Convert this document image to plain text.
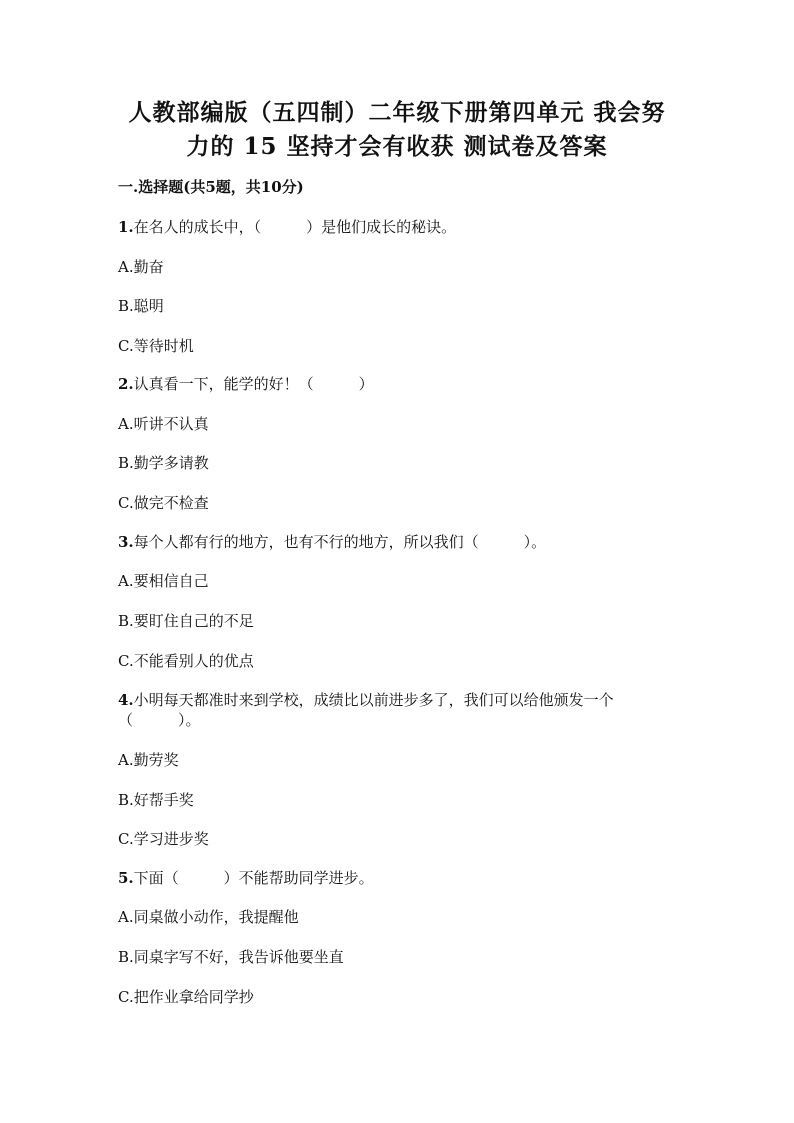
人教部编版（五四制）二年级下册第四单元 我会努
力的 15 坚持才会有收获 测试卷及答案
一.选择题(共5题，共10分)
1.在名人的成长中，（　　　）是他们成长的秘诀。
A.勤奋
B.聪明
C.等待时机
2.认真看一下，能学的好！（　　　）
A.听讲不认真
B.勤学多请教
C.做完不检查
3.每个人都有行的地方，也有不行的地方，所以我们（　　　）。
A.要相信自己
B.要盯住自己的不足
C.不能看别人的优点
4.小明每天都准时来到学校，成绩比以前进步多了，我们可以给他颁发一个
（　　　）。
A.勤劳奖
B.好帮手奖
C.学习进步奖
5.下面（　　　）不能帮助同学进步。
A.同桌做小动作，我提醒他
B.同桌字写不好，我告诉他要坐直
C.把作业拿给同学抄
